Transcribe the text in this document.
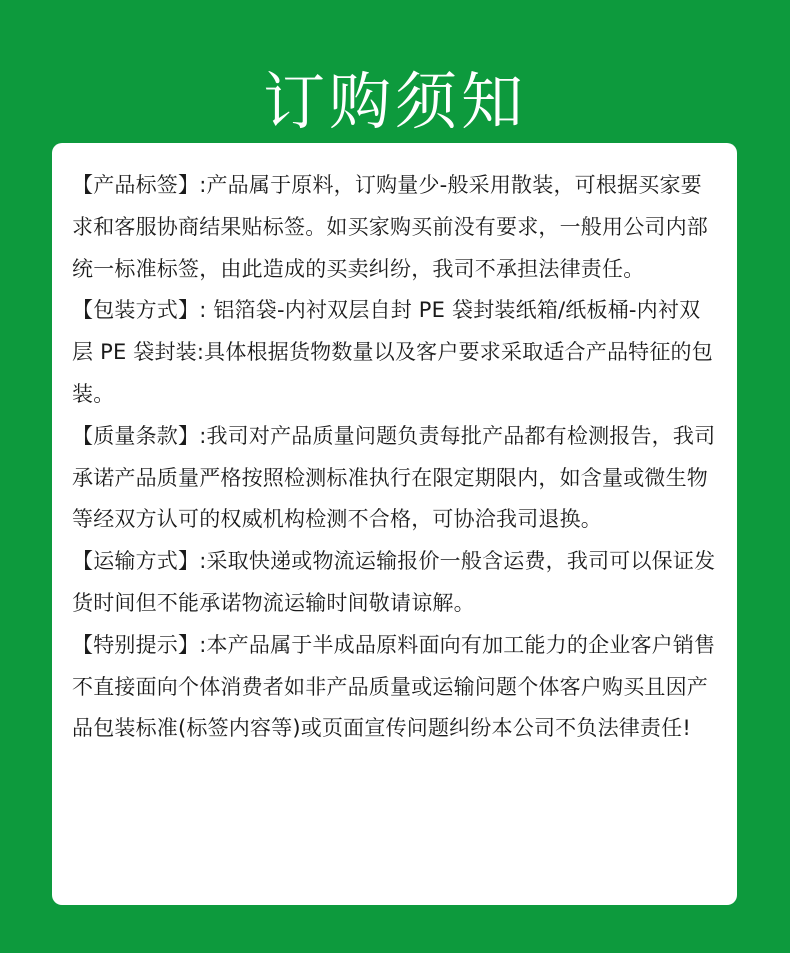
订购须知

【产品标签】:产品属于原料，订购量少-般采用散装，可根据买家要求和客服协商结果贴标签。如买家购买前没有要求，一般用公司内部统一标准标签，由此造成的买卖纠纷，我司不承担法律责任。

【包装方式】: 铝箔袋-内衬双层自封 PE 袋封装纸箱/纸板桶-内衬双层 PE 袋封装:具体根据货物数量以及客户要求采取适合产品特征的包装。

【质量条款】:我司对产品质量问题负责每批产品都有检测报告，我司承诺产品质量严格按照检测标准执行在限定期限内，如含量或微生物等经双方认可的权威机构检测不合格，可协洽我司退换。

【运输方式】:采取快递或物流运输报价一般含运费，我司可以保证发货时间但不能承诺物流运输时间敬请谅解。

【特别提示】:本产品属于半成品原料面向有加工能力的企业客户销售不直接面向个体消费者如非产品质量或运输问题个体客户购买且因产品包装标准(标签内容等)或页面宣传问题纠纷本公司不负法律责任!
